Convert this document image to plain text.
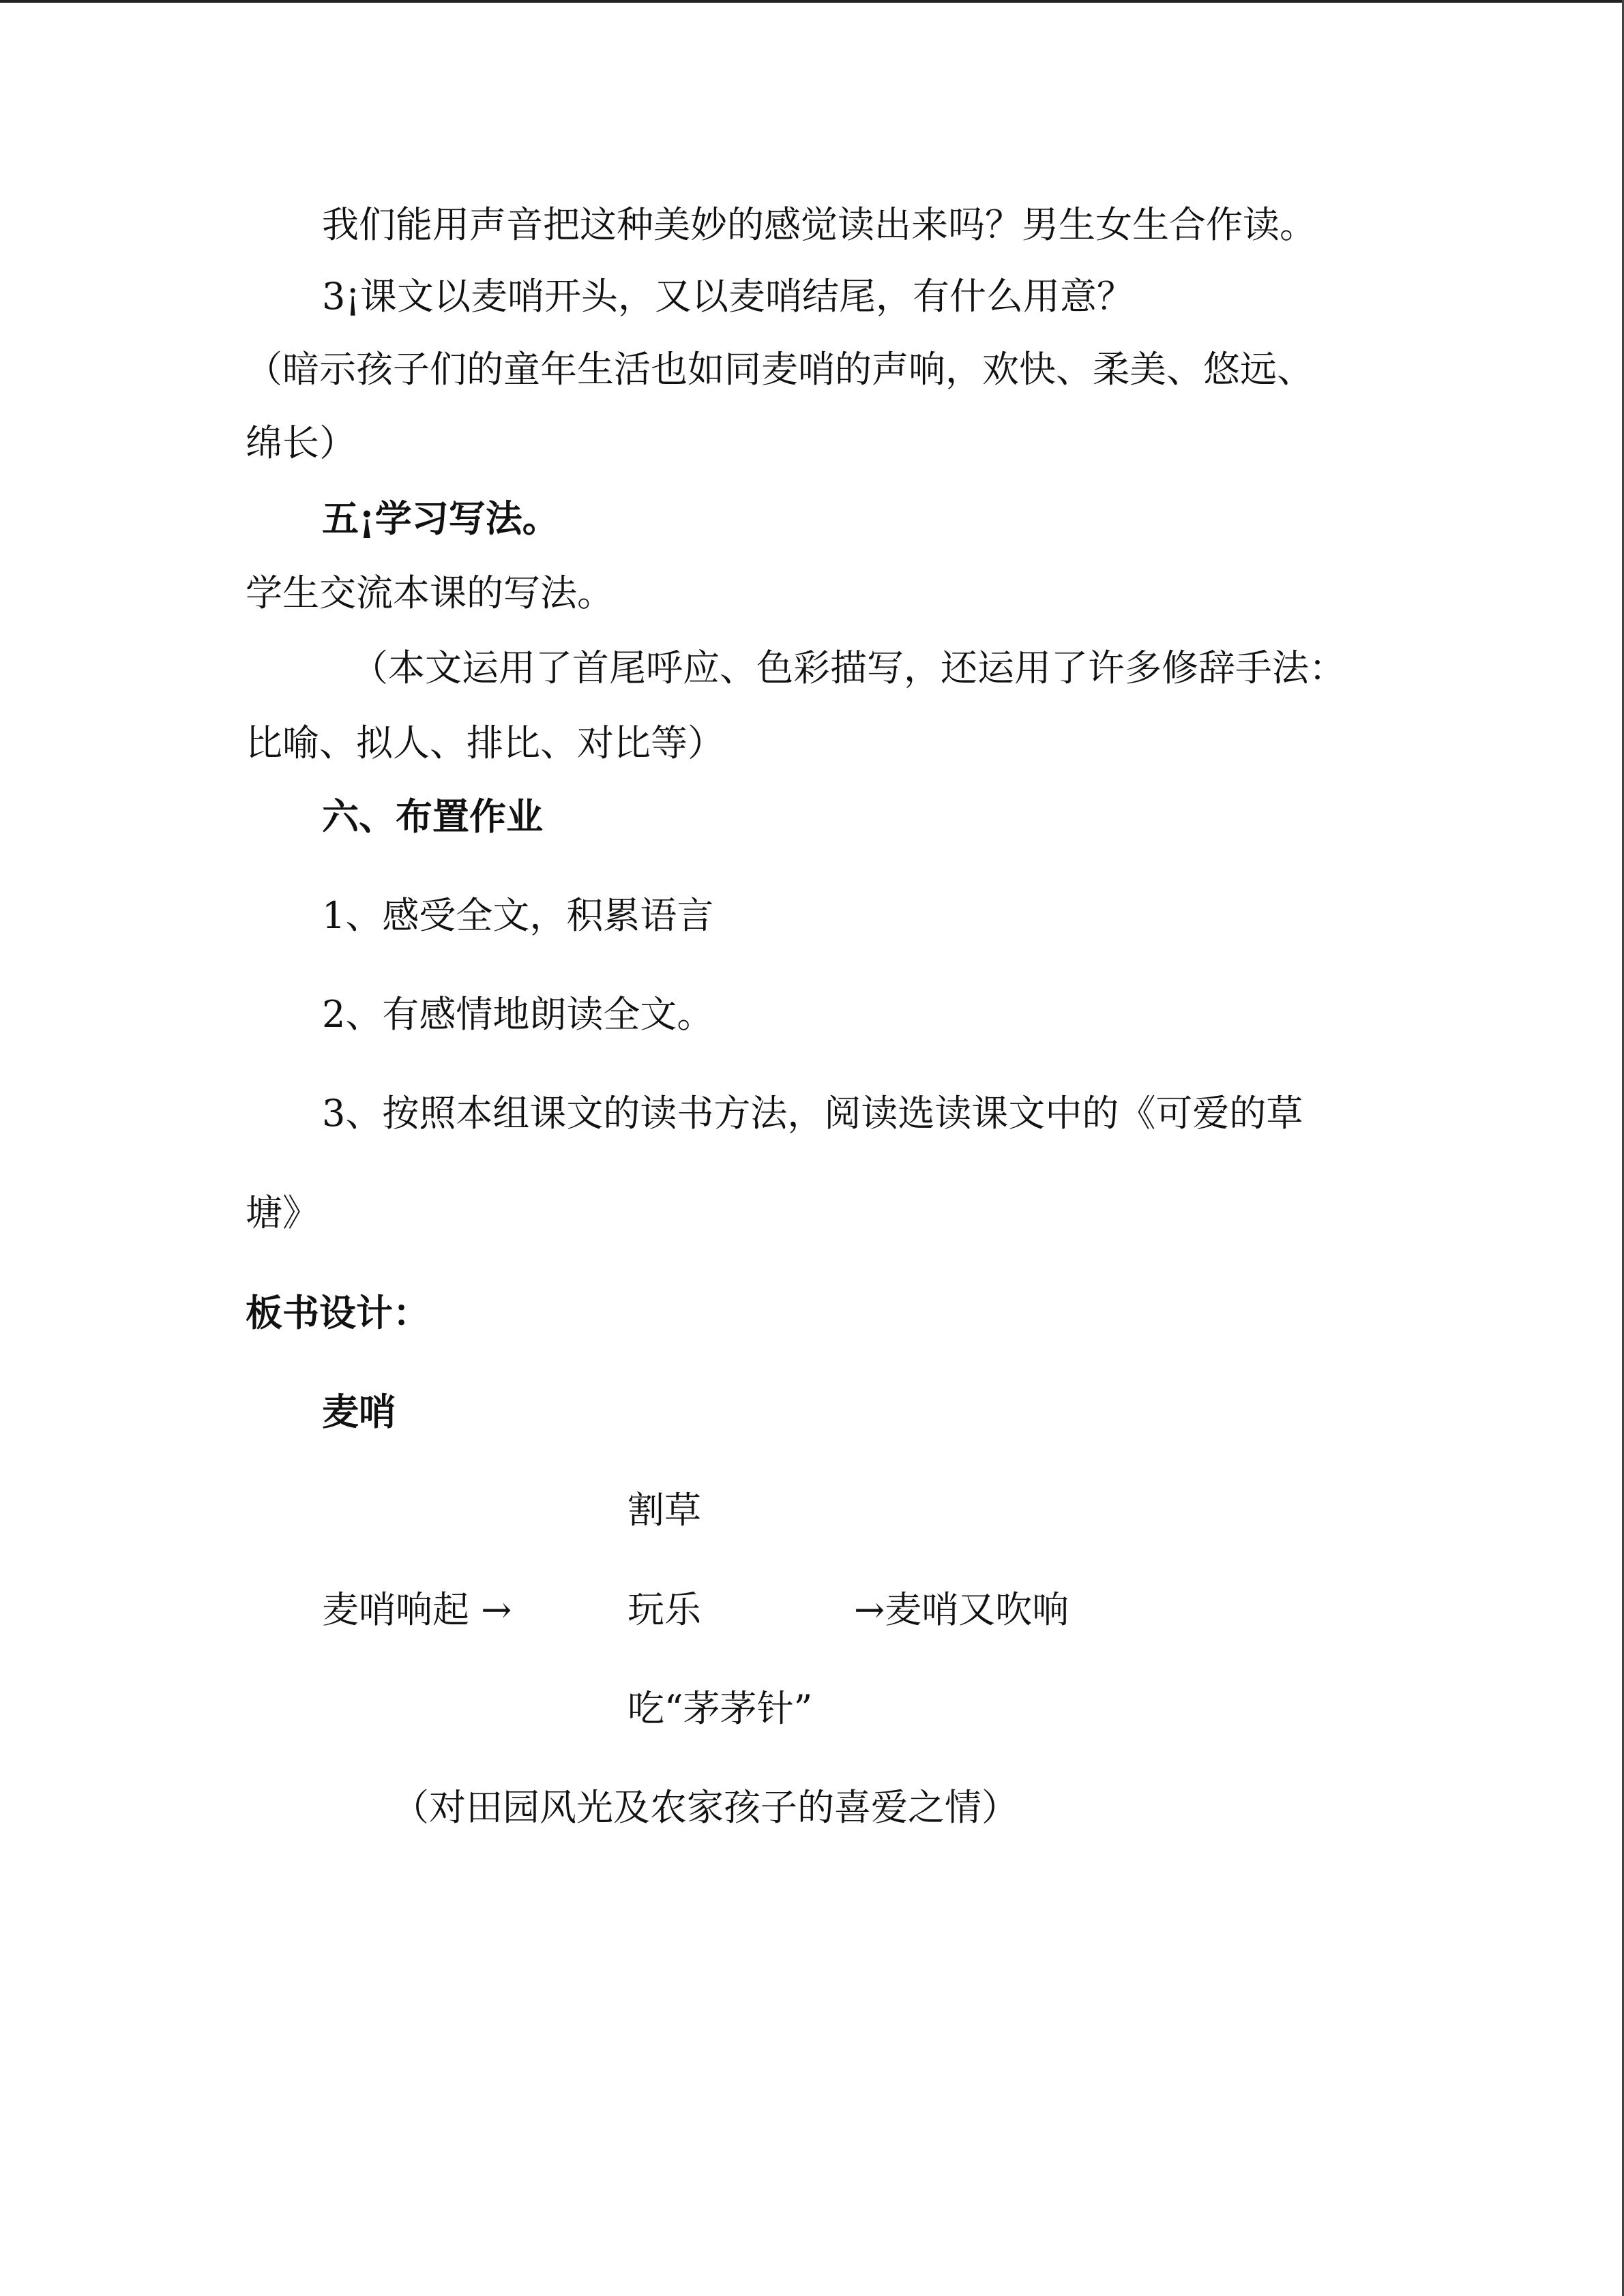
我们能用声音把这种美妙的感觉读出来吗？男生女生合作读。
3¡课文以麦哨开头，又以麦哨结尾，有什么用意？
（暗示孩子们的童年生活也如同麦哨的声响，欢快、柔美、悠远、
绵长）
五¡学习写法。
学生交流本课的写法。
（本文运用了首尾呼应、色彩描写，还运用了许多修辞手法：
比喻、拟人、排比、对比等）
六、布置作业
1、感受全文，积累语言
2、有感情地朗读全文。
3、按照本组课文的读书方法，阅读选读课文中的《可爱的草
塘》
板书设计：
麦哨
割草
麦哨响起 →	玩乐	→麦哨又吹响
吃“茅茅针”
（对田园风光及农家孩子的喜爱之情）
